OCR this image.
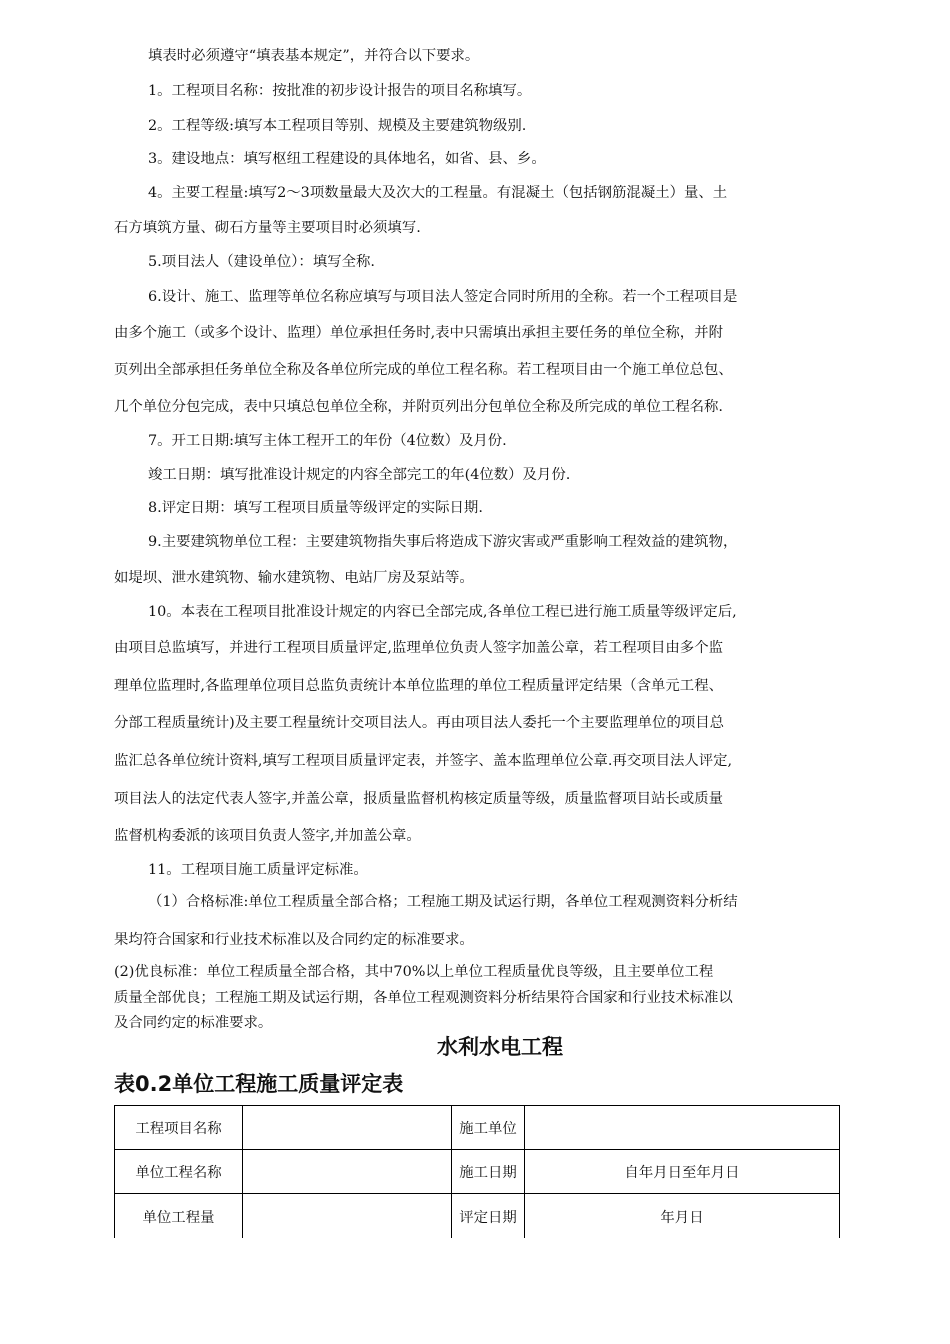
填表时必须遵守“填表基本规定”，并符合以下要求。
1。工程项目名称：按批准的初步设计报告的项目名称填写。
2。工程等级:填写本工程项目等别、规模及主要建筑物级别.
3。建设地点：填写枢纽工程建设的具体地名，如省、县、乡。
4。主要工程量:填写2～3项数量最大及次大的工程量。有混凝土（包括钢筋混凝土）量、土
石方填筑方量、砌石方量等主要项目时必须填写.
5.项目法人（建设单位）：填写全称.
6.设计、施工、监理等单位名称应填写与项目法人签定合同时所用的全称。若一个工程项目是
由多个施工（或多个设计、监理）单位承担任务时,表中只需填出承担主要任务的单位全称，并附
页列出全部承担任务单位全称及各单位所完成的单位工程名称。若工程项目由一个施工单位总包、
几个单位分包完成，表中只填总包单位全称，并附页列出分包单位全称及所完成的单位工程名称.
7。开工日期:填写主体工程开工的年份（4位数）及月份.
竣工日期：填写批准设计规定的内容全部完工的年(4位数）及月份.
8.评定日期：填写工程项目质量等级评定的实际日期.
9.主要建筑物单位工程：主要建筑物指失事后将造成下游灾害或严重影响工程效益的建筑物，
如堤坝、泄水建筑物、输水建筑物、电站厂房及泵站等。
10。本表在工程项目批准设计规定的内容已全部完成,各单位工程已进行施工质量等级评定后,
由项目总监填写，并进行工程项目质量评定,监理单位负责人签字加盖公章，若工程项目由多个监
理单位监理时,各监理单位项目总监负责统计本单位监理的单位工程质量评定结果（含单元工程、
分部工程质量统计)及主要工程量统计交项目法人。再由项目法人委托一个主要监理单位的项目总
监汇总各单位统计资料,填写工程项目质量评定表，并签字、盖本监理单位公章.再交项目法人评定,
项目法人的法定代表人签字,并盖公章，报质量监督机构核定质量等级，质量监督项目站长或质量
监督机构委派的该项目负责人签字,并加盖公章。
11。工程项目施工质量评定标准。
（1）合格标准:单位工程质量全部合格；工程施工期及试运行期，各单位工程观测资料分析结
果均符合国家和行业技术标准以及合同约定的标准要求。
(2)优良标准：单位工程质量全部合格，其中70%以上单位工程质量优良等级，且主要单位工程
质量全部优良；工程施工期及试运行期，各单位工程观测资料分析结果符合国家和行业技术标准以
及合同约定的标准要求。
水利水电工程
表0.2单位工程施工质量评定表
工程项目名称		施工单位	
单位工程名称		施工日期	自年月日至年月日
单位工程量		评定日期	年月日
